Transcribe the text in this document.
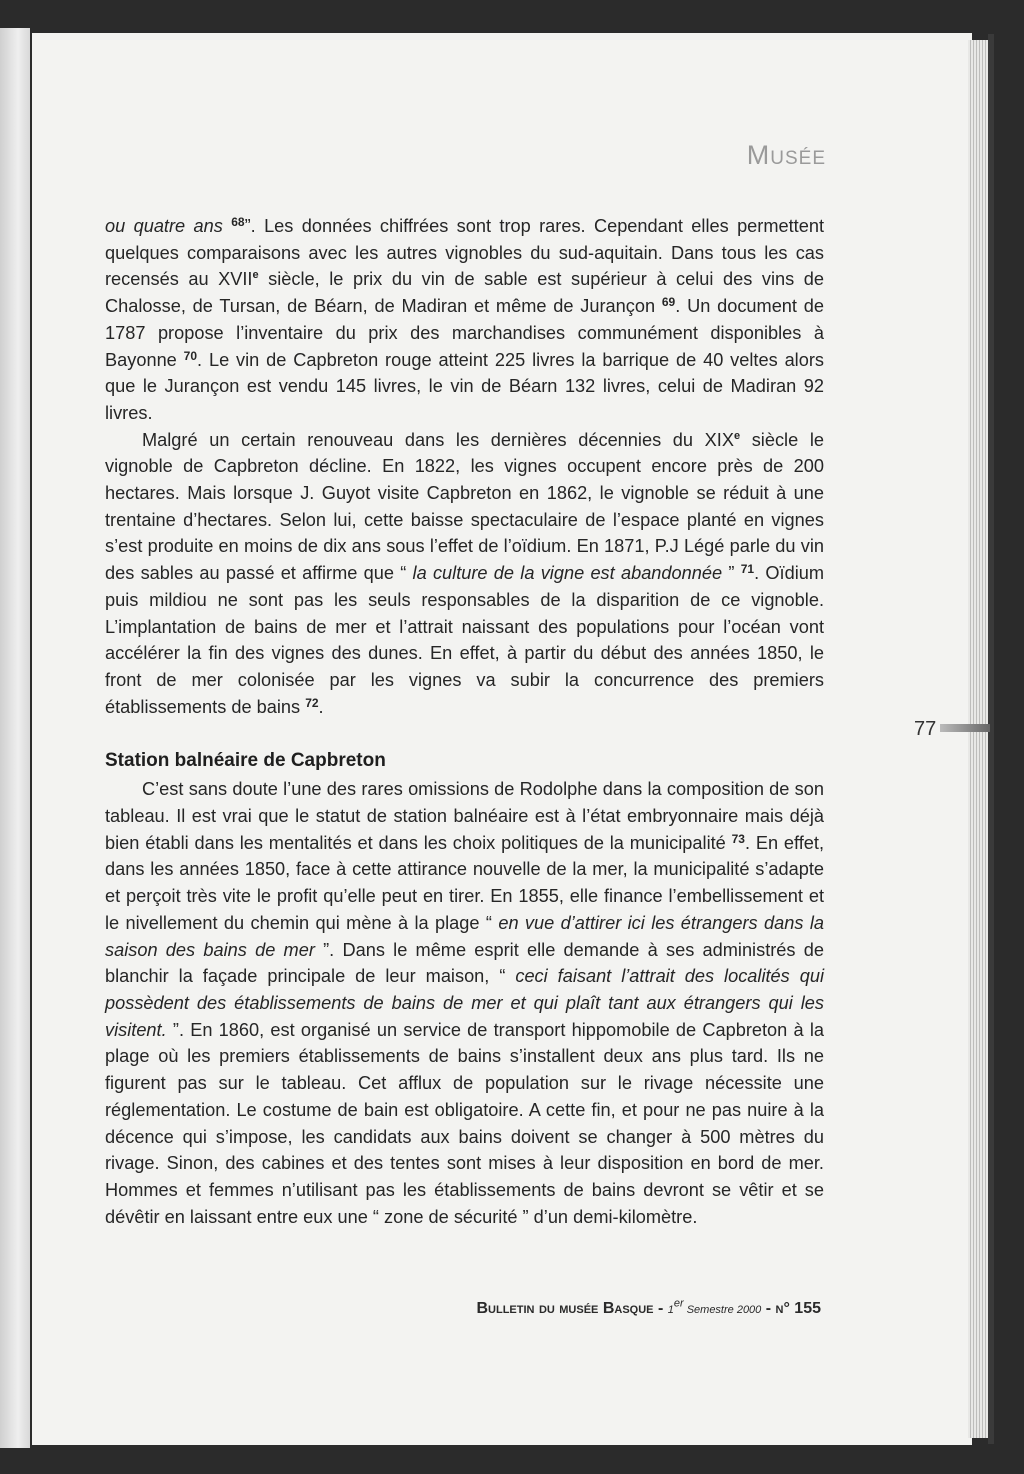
Musée

ou quatre ans $^{68}$”. Les données chiffrées sont trop rares. Cependant elles permettent quelques comparaisons avec les autres vignobles du sud-aquitain. Dans tous les cas recensés au XVIIe siècle, le prix du vin de sable est supérieur à celui des vins de Chalosse, de Tursan, de Béarn, de Madiran et même de Jurançon $^{69}$. Un document de 1787 propose l’inventaire du prix des marchandises communément disponibles à Bayonne $^{70}$. Le vin de Capbreton rouge atteint 225 livres la barrique de 40 veltes alors que le Jurançon est vendu 145 livres, le vin de Béarn 132 livres, celui de Madiran 92 livres.

Malgré un certain renouveau dans les dernières décennies du XIXe siècle le vignoble de Capbreton décline. En 1822, les vignes occupent encore près de 200 hectares. Mais lorsque J. Guyot visite Capbreton en 1862, le vignoble se réduit à une trentaine d’hectares. Selon lui, cette baisse spectaculaire de l’espace planté en vignes s’est produite en moins de dix ans sous l’effet de l’oïdium. En 1871, P.J Légé parle du vin des sables au passé et affirme que “ la culture de la vigne est abandonnée ” $^{71}$. Oïdium puis mildiou ne sont pas les seuls responsables de la disparition de ce vignoble. L’implantation de bains de mer et l’attrait naissant des populations pour l’océan vont accélérer la fin des vignes des dunes. En effet, à partir du début des années 1850, le front de mer colonisée par les vignes va subir la concurrence des premiers établissements de bains $^{72}$.

Station balnéaire de Capbreton

C’est sans doute l’une des rares omissions de Rodolphe dans la composition de son tableau. Il est vrai que le statut de station balnéaire est à l’état embryonnaire mais déjà bien établi dans les mentalités et dans les choix politiques de la municipalité $^{73}$. En effet, dans les années 1850, face à cette attirance nouvelle de la mer, la municipalité s’adapte et perçoit très vite le profit qu’elle peut en tirer. En 1855, elle finance l’embellissement et le nivellement du chemin qui mène à la plage “ en vue d’attirer ici les étrangers dans la saison des bains de mer ”. Dans le même esprit elle demande à ses administrés de blanchir la façade principale de leur maison, “ ceci faisant l’attrait des localités qui possèdent des établissements de bains de mer et qui plaît tant aux étrangers qui les visitent. ”. En 1860, est organisé un service de transport hippomobile de Capbreton à la plage où les premiers établissements de bains s’installent deux ans plus tard. Ils ne figurent pas sur le tableau. Cet afflux de population sur le rivage nécessite une réglementation. Le costume de bain est obligatoire. A cette fin, et pour ne pas nuire à la décence qui s’impose, les candidats aux bains doivent se changer à 500 mètres du rivage. Sinon, des cabines et des tentes sont mises à leur disposition en bord de mer. Hommes et femmes n’utilisant pas les établissements de bains devront se vêtir et se dévêtir en laissant entre eux une “ zone de sécurité ” d’un demi-kilomètre.

77
Bulletin du musée Basque - 1er Semestre 2000 - n° 155
